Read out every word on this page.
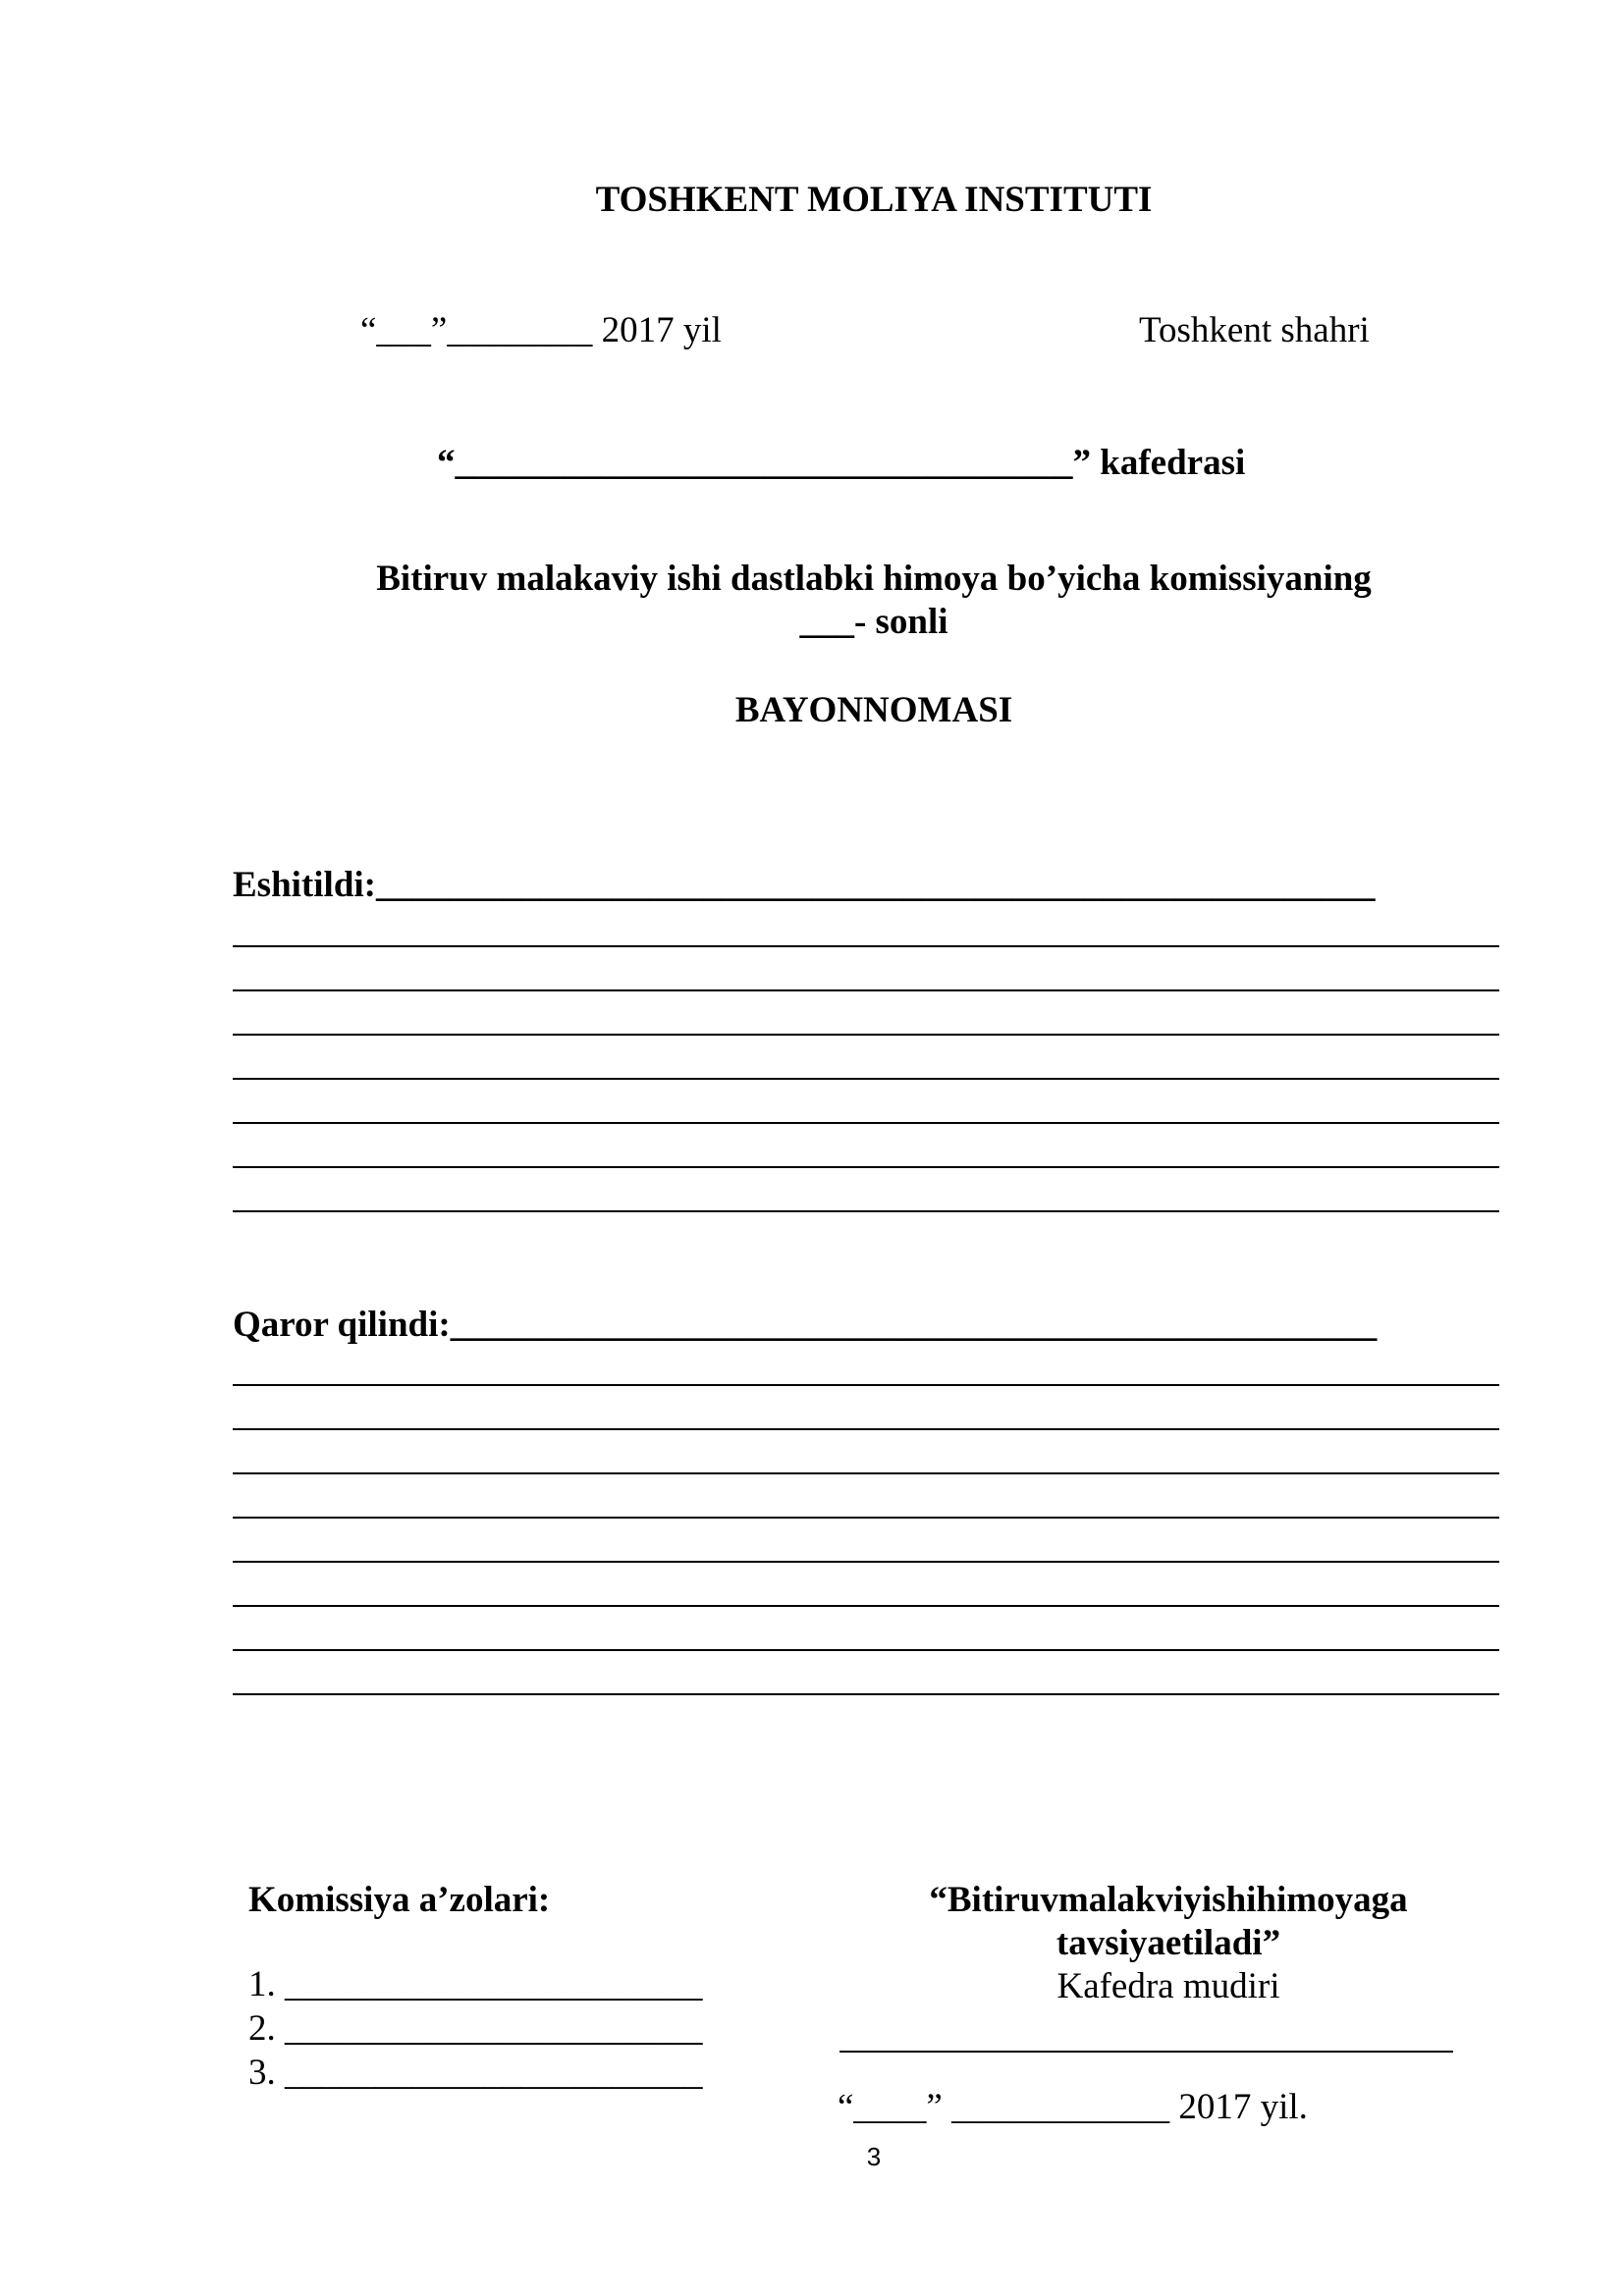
TOSHKENT MOLIYA INSTITUTI
“___”________ 2017 yil	Toshkent shahri
“__________________________________” kafedrasi
Bitiruv malakaviy ishi dastlabki himoya bo’yicha komissiyaning
___- sonli
BAYONNOMASI
Eshitildi:_______________________________________________________
Qaror qilindi:___________________________________________________
Komissiya a’zolari:
1. _______________________
2. _______________________
3. _______________________
“Bitiruvmalakviyishihimoyaga
tavsiyaetiladi”
Kafedra mudiri
“____” ____________ 2017 yil.
3
